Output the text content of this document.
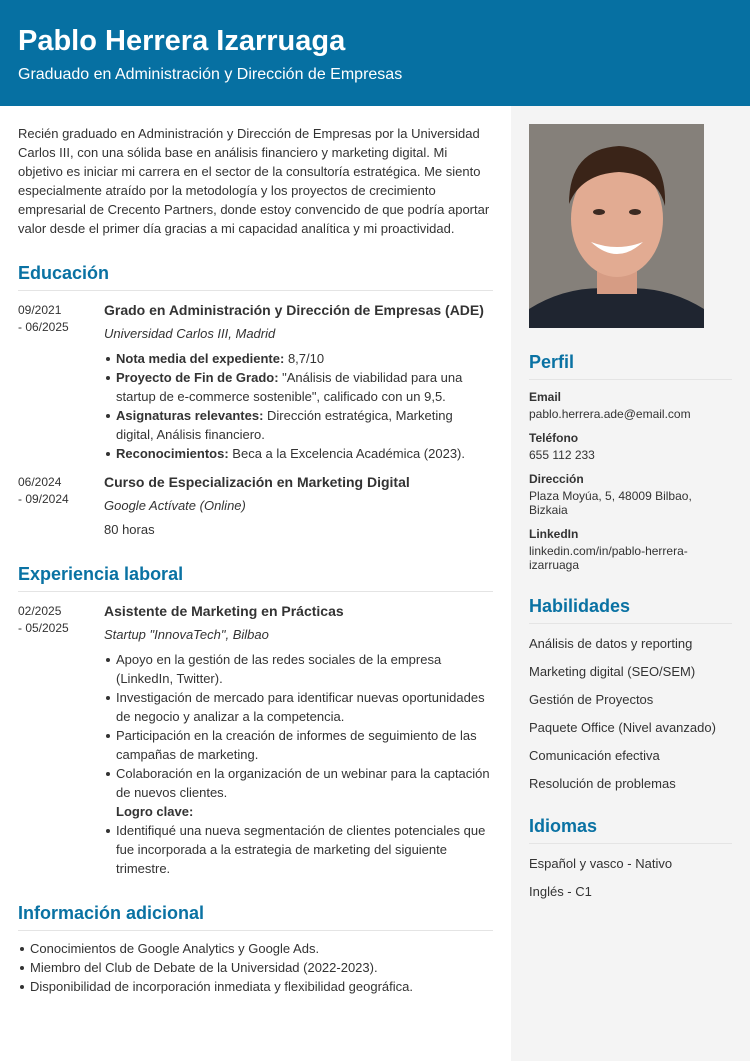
Pablo Herrera Izarruaga
Graduado en Administración y Dirección de Empresas

Recién graduado en Administración y Dirección de Empresas por la Universidad Carlos III, con una sólida base en análisis financiero y marketing digital. Mi objetivo es iniciar mi carrera en el sector de la consultoría estratégica. Me siento especialmente atraído por la metodología y los proyectos de crecimiento empresarial de Crecento Partners, donde estoy convencido de que podría aportar valor desde el primer día gracias a mi capacidad analítica y mi proactividad.

Educación
09/2021
- 06/2025
Grado en Administración y Dirección de Empresas (ADE)
Universidad Carlos III, Madrid
Nota media del expediente: 8,7/10
Proyecto de Fin de Grado: "Análisis de viabilidad para una startup de e-commerce sostenible", calificado con un 9,5.
Asignaturas relevantes: Dirección estratégica, Marketing digital, Análisis financiero.
Reconocimientos: Beca a la Excelencia Académica (2023).
06/2024
- 09/2024
Curso de Especialización en Marketing Digital
Google Actívate (Online)
80 horas
Experiencia laboral
02/2025
- 05/2025
Asistente de Marketing en Prácticas
Startup "InnovaTech", Bilbao
Apoyo en la gestión de las redes sociales de la empresa (LinkedIn, Twitter).
Investigación de mercado para identificar nuevas oportunidades de negocio y analizar a la competencia.
Participación en la creación de informes de seguimiento de las campañas de marketing.
Colaboración en la organización de un webinar para la captación de nuevos clientes.
Logro clave:
Identifiqué una nueva segmentación de clientes potenciales que fue incorporada a la estrategia de marketing del siguiente trimestre.
Información adicional
Conocimientos de Google Analytics y Google Ads.
Miembro del Club de Debate de la Universidad (2022-2023).
Disponibilidad de incorporación inmediata y flexibilidad geográfica.
Perfil
Email
pablo.herrera.ade@email.com
Teléfono
655 112 233
Dirección
Plaza Moyúa, 5, 48009 Bilbao, Bizkaia
LinkedIn
linkedin.com/in/pablo-herrera-izarruaga
Habilidades
Análisis de datos y reporting
Marketing digital (SEO/SEM)
Gestión de Proyectos
Paquete Office (Nivel avanzado)
Comunicación efectiva
Resolución de problemas
Idiomas
Español y vasco - Nativo
Inglés - C1
